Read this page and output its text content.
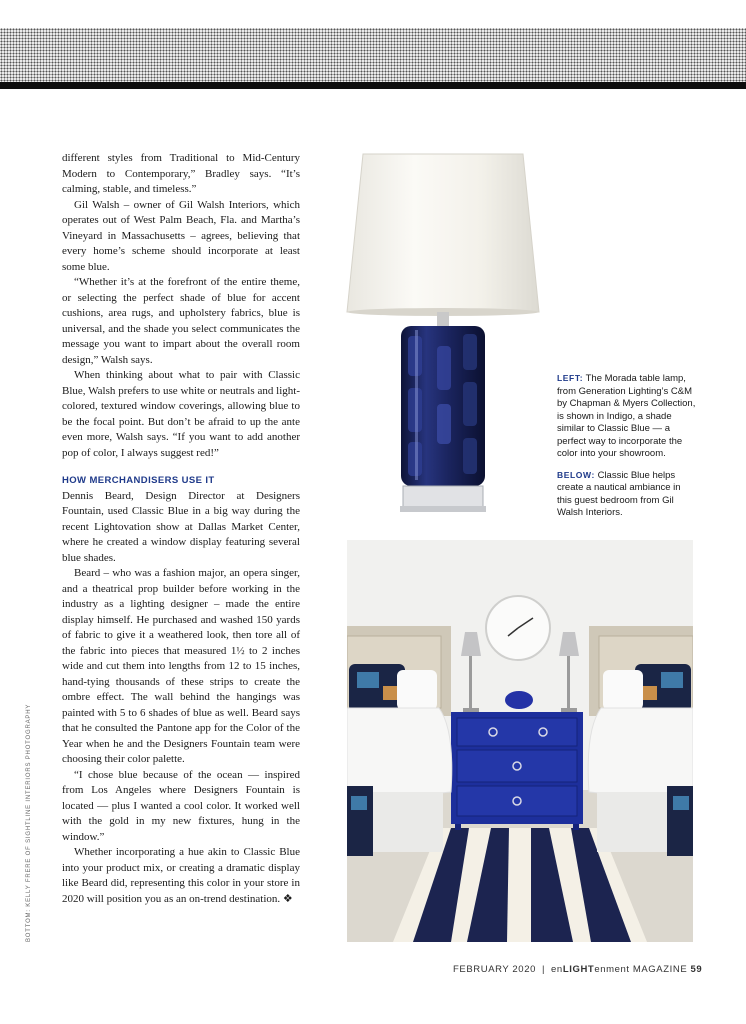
different styles from Traditional to Mid-Century Modern to Contemporary,” Bradley says. “It’s calming, stable, and timeless.”

Gil Walsh – owner of Gil Walsh Interiors, which operates out of West Palm Beach, Fla. and Martha’s Vineyard in Massachusetts – agrees, believing that every home’s scheme should incorporate at least some blue.

“Whether it’s at the forefront of the entire theme, or selecting the perfect shade of blue for accent cushions, area rugs, and upholstery fabrics, blue is universal, and the shade you select communicates the message you want to impart about the overall room design,” Walsh says.

When thinking about what to pair with Classic Blue, Walsh prefers to use white or neutrals and light-colored, textured window coverings, allowing blue to be the focal point. But don’t be afraid to up the ante even more, Walsh says. “If you want to add another pop of color, I always suggest red!”

HOW MERCHANDISERS USE IT

Dennis Beard, Design Director at Designers Fountain, used Classic Blue in a big way during the recent Lightovation show at Dallas Market Center, where he created a window display featuring several blue shades.

Beard – who was a fashion major, an opera singer, and a theatrical prop builder before working in the industry as a lighting designer – made the entire display himself. He purchased and washed 150 yards of fabric to give it a weathered look, then tore all of the fabric into pieces that measured 1½ to 2 inches wide and cut them into lengths from 12 to 15 inches, hand-tying thousands of these strips to create the ombre effect. The wall behind the hangings was painted with 5 to 6 shades of blue as well. Beard says that he consulted the Pantone app for the Color of the Year when he and the Designers Fountain team were choosing their color palette.

“I chose blue because of the ocean — inspired from Los Angeles where Designers Fountain is located — plus I wanted a cool color. It worked well with the gold in my new fixtures, hung in the window.”

Whether incorporating a hue akin to Classic Blue into your product mix, or creating a dramatic display like Beard did, representing this color in your store in 2020 will position you as an on-trend destination. ❖

BOTTOM: KELLY FRERE OF SIGHTLINE INTERIORS PHOTOGRAPHY

LEFT: The Morada table lamp, from Generation Lighting’s C&M by Chapman & Myers Collection, is shown in Indigo, a shade similar to Classic Blue — a perfect way to incorporate the color into your showroom.

BELOW: Classic Blue helps create a nautical ambiance in this guest bedroom from Gil Walsh Interiors.

FEBRUARY 2020 | enLIGHTenment MAGAZINE 59
